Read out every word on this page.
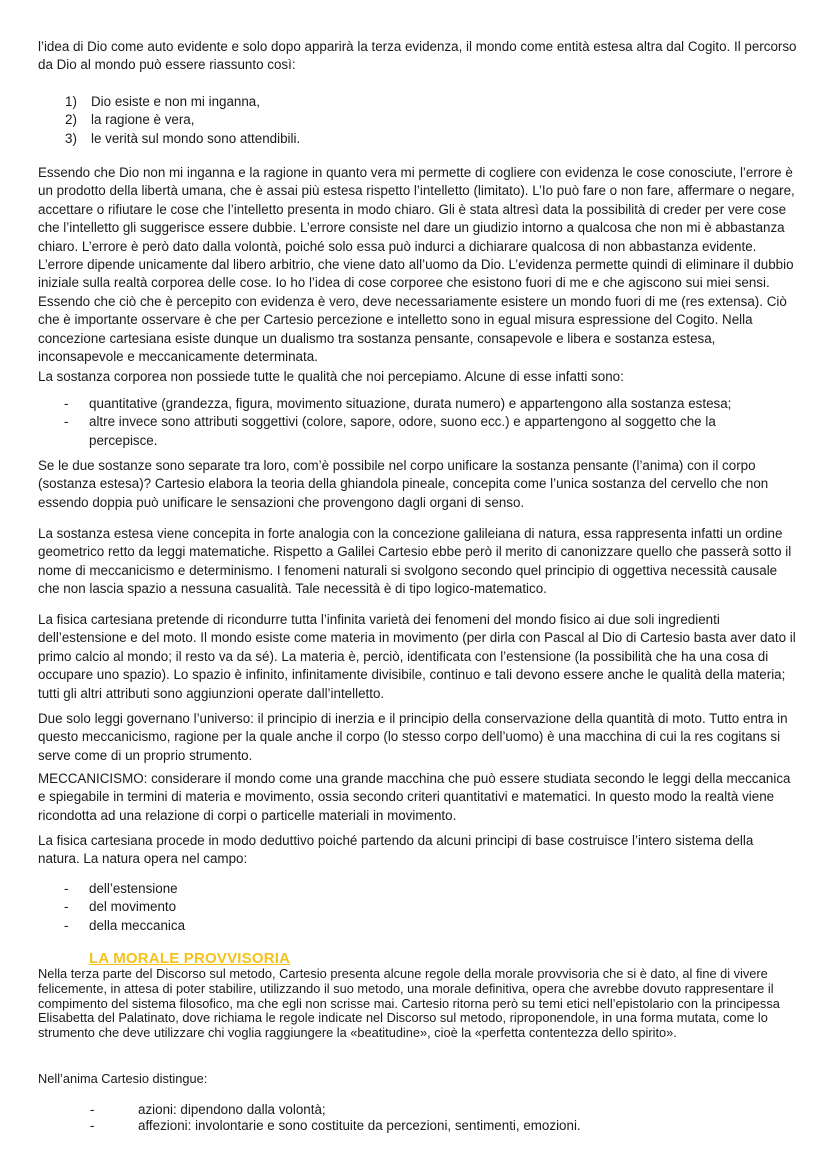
l’idea di Dio come auto evidente e solo dopo apparirà la terza evidenza, il mondo come entità estesa altra dal Cogito. Il percorso da Dio al mondo può essere riassunto così:

1) Dio esiste e non mi inganna,
2) la ragione è vera,
3) le verità sul mondo sono attendibili.

Essendo che Dio non mi inganna e la ragione in quanto vera mi permette di cogliere con evidenza le cose conosciute, l’errore è un prodotto della libertà umana, che è assai più estesa rispetto l’intelletto (limitato). L’Io può fare o non fare, affermare o negare, accettare o rifiutare le cose che l’intelletto presenta in modo chiaro. Gli è stata altresì data la possibilità di creder per vere cose che l’intelletto gli suggerisce essere dubbie. L’errore consiste nel dare un giudizio intorno a qualcosa che non mi è abbastanza chiaro. L’errore è però dato dalla volontà, poiché solo essa può indurci a dichiarare qualcosa di non abbastanza evidente. L’errore dipende unicamente dal libero arbitrio, che viene dato all’uomo da Dio. L’evidenza permette quindi di eliminare il dubbio iniziale sulla realtà corporea delle cose. Io ho l’idea di cose corporee che esistono fuori di me e che agiscono sui miei sensi. Essendo che ciò che è percepito con evidenza è vero, deve necessariamente esistere un mondo fuori di me (res extensa). Ciò che è importante osservare è che per Cartesio percezione e intelletto sono in egual misura espressione del Cogito. Nella concezione cartesiana esiste dunque un dualismo tra sostanza pensante, consapevole e libera e sostanza estesa, inconsapevole e meccanicamente determinata.

La sostanza corporea non possiede tutte le qualità che noi percepiamo. Alcune di esse infatti sono:

-	quantitative (grandezza, figura, movimento situazione, durata numero) e appartengono alla sostanza estesa;
-	altre invece sono attributi soggettivi (colore, sapore, odore, suono ecc.) e appartengono al soggetto che la percepisce.

Se le due sostanze sono separate tra loro, com’è possibile nel corpo unificare la sostanza pensante (l’anima) con il corpo (sostanza estesa)? Cartesio elabora la teoria della ghiandola pineale, concepita come l’unica sostanza del cervello che non essendo doppia può unificare le sensazioni che provengono dagli organi di senso.

La sostanza estesa viene concepita in forte analogia con la concezione galileiana di natura, essa rappresenta infatti un ordine geometrico retto da leggi matematiche. Rispetto a Galilei Cartesio ebbe però il merito di canonizzare quello che passerà sotto il nome di meccanicismo e determinismo. I fenomeni naturali si svolgono secondo quel principio di oggettiva necessità causale che non lascia spazio a nessuna casualità. Tale necessità è di tipo logico-matematico.

La fisica cartesiana pretende di ricondurre tutta l’infinita varietà dei fenomeni del mondo fisico ai due soli ingredienti dell’estensione e del moto. Il mondo esiste come materia in movimento (per dirla con Pascal al Dio di Cartesio basta aver dato il primo calcio al mondo; il resto va da sé). La materia è, perciò, identificata con l’estensione (la possibilità che ha una cosa di occupare uno spazio). Lo spazio è infinito, infinitamente divisibile, continuo e tali devono essere anche le qualità della materia; tutti gli altri attributi sono aggiunzioni operate dall’intelletto.

Due solo leggi governano l’universo: il principio di inerzia e il principio della conservazione della quantità di moto. Tutto entra in questo meccanicismo, ragione per la quale anche il corpo (lo stesso corpo dell’uomo) è una macchina di cui la res cogitans si serve come di un proprio strumento.

MECCANICISMO: considerare il mondo come una grande macchina che può essere studiata secondo le leggi della meccanica e spiegabile in termini di materia e movimento, ossia secondo criteri quantitativi e matematici. In questo modo la realtà viene ricondotta ad una relazione di corpi o particelle materiali in movimento.

La fisica cartesiana procede in modo deduttivo poiché partendo da alcuni principi di base costruisce l’intero sistema della natura. La natura opera nel campo:

- dell’estensione
- del movimento
- della meccanica
LA MORALE PROVVISORIA

Nella terza parte del Discorso sul metodo, Cartesio presenta alcune regole della morale provvisoria che si è dato, al fine di vivere felicemente, in attesa di poter stabilire, utilizzando il suo metodo, una morale definitiva, opera che avrebbe dovuto rappresentare il compimento del sistema filosofico, ma che egli non scrisse mai. Cartesio ritorna però su temi etici nell’epistolario con la principessa Elisabetta del Palatinato, dove richiama le regole indicate nel Discorso sul metodo, riproponendole, in una forma mutata, come lo strumento che deve utilizzare chi voglia raggiungere la «beatitudine», cioè la «perfetta contentezza dello spirito».

Nell’anima Cartesio distingue:

-	azioni: dipendono dalla volontà;
-	affezioni: involontarie e sono costituite da percezioni, sentimenti, emozioni.
